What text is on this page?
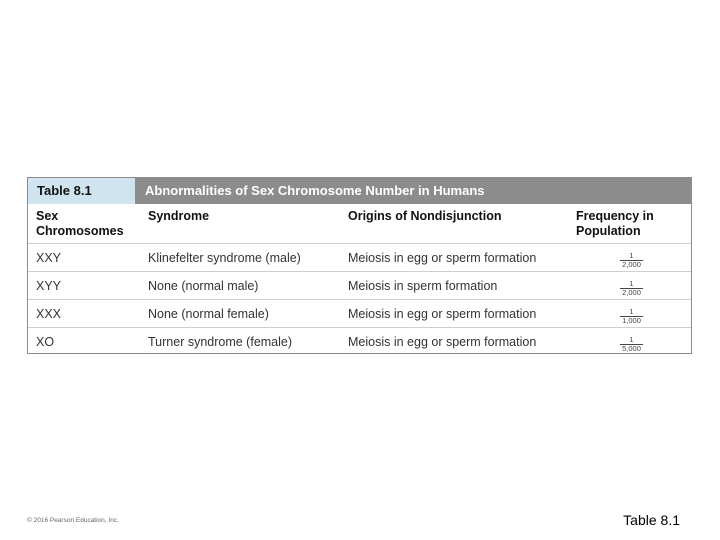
Table 8.1	Abnormalities of Sex Chromosome Number in Humans
Sex Chromosomes	Syndrome	Origins of Nondisjunction	Frequency in Population
XXY	Klinefelter syndrome (male)	Meiosis in egg or sperm formation	$\frac{1}{2,000}$

XYY	None (normal male)	Meiosis in sperm formation	$\frac{1}{2,000}$

XXX	None (normal female)	Meiosis in egg or sperm formation	$\frac{1}{1,000}$

XO	Turner syndrome (female)	Meiosis in egg or sperm formation	$\frac{1}{5,000}$
© 2016 Pearson Education, Inc.	Table 8.1
